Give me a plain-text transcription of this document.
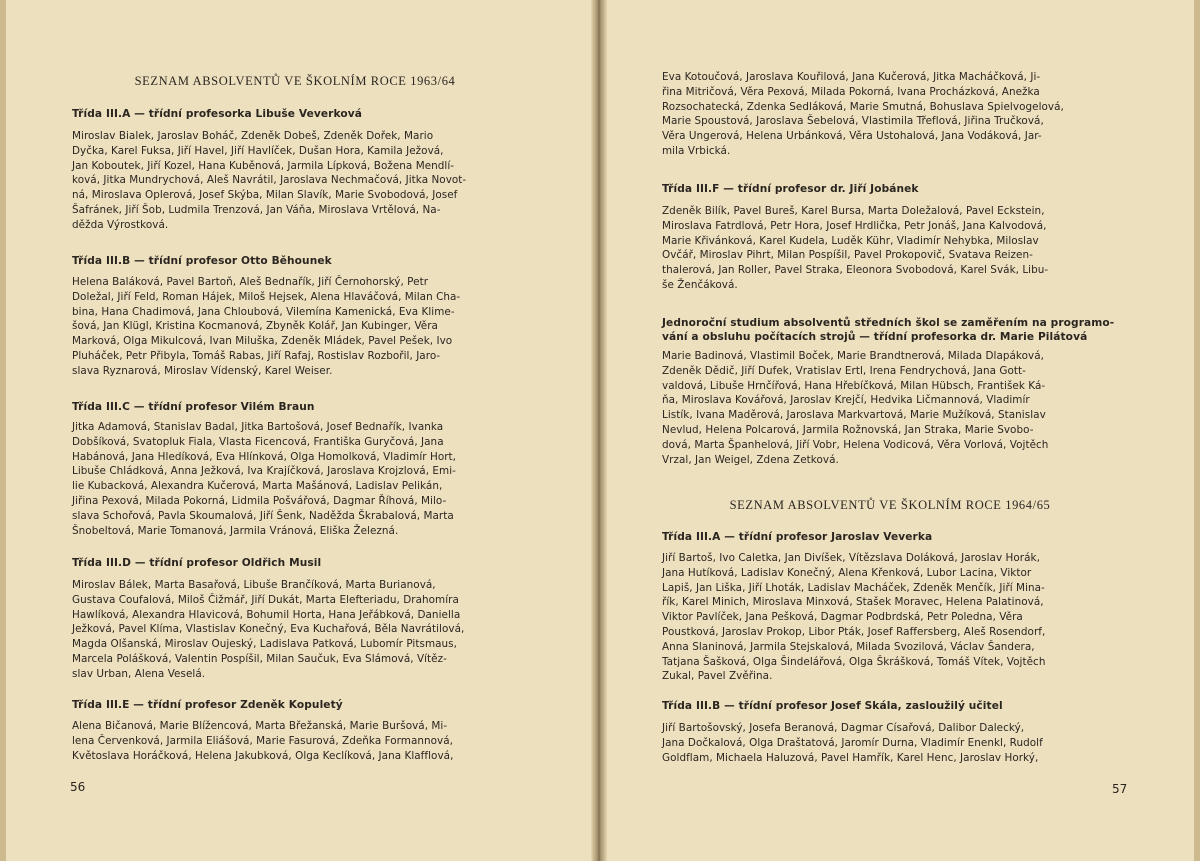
SEZNAM ABSOLVENTŮ VE ŠKOLNÍM ROCE 1963/64
Třída III.A — třídní profesorka Libuše Veverková
Miroslav Bialek, Jaroslav Boháč, Zdeněk Dobeš, Zdeněk Dořek, Mario
Dyčka, Karel Fuksa, Jiří Havel, Jiří Havlíček, Dušan Hora, Kamila Ježová,
Jan Koboutek, Jiří Kozel, Hana Kuběnová, Jarmila Lípková, Božena Mendlí-
ková, Jitka Mundrychová, Aleš Navrátil, Jaroslava Nechmačová, Jitka Novot-
ná, Miroslava Oplerová, Josef Skýba, Milan Slavík, Marie Svobodová, Josef
Šafránek, Jiří Šob, Ludmila Trenzová, Jan Váňa, Miroslava Vrtělová, Na-
děžda Výrostková.
Třída III.B — třídní profesor Otto Běhounek
Helena Baláková, Pavel Bartoň, Aleš Bednařík, Jiří Černohorský, Petr
Doležal, Jiří Feld, Roman Hájek, Miloš Hejsek, Alena Hlaváčová, Milan Cha-
bina, Hana Chadimová, Jana Chloubová, Vilemína Kamenická, Eva Klime-
šová, Jan Klügl, Kristina Kocmanová, Zbyněk Kolář, Jan Kubinger, Věra
Marková, Olga Mikulcová, Ivan Miluška, Zdeněk Mládek, Pavel Pešek, Ivo
Pluháček, Petr Přibyla, Tomáš Rabas, Jiří Rafaj, Rostislav Rozbořil, Jaro-
slava Ryznarová, Miroslav Vídenský, Karel Weiser.
Třída III.C — třídní profesor Vilém Braun
Jitka Adamová, Stanislav Badal, Jitka Bartošová, Josef Bednařík, Ivanka
Dobšíková, Svatopluk Fiala, Vlasta Ficencová, Františka Guryčová, Jana
Habánová, Jana Hledíková, Eva Hlínková, Olga Homolková, Vladimír Hort,
Libuše Chládková, Anna Ježková, Iva Krajíčková, Jaroslava Krojzlová, Emi-
lie Kubacková, Alexandra Kučerová, Marta Mašánová, Ladislav Pelikán,
Jiřina Pexová, Milada Pokorná, Lidmila Pošvářová, Dagmar Říhová, Milo-
slava Schořová, Pavla Skoumalová, Jiří Šenk, Naděžda Škrabalová, Marta
Šnobeltová, Marie Tomanová, Jarmila Vránová, Eliška Železná.
Třída III.D — třídní profesor Oldřich Musil
Miroslav Bálek, Marta Basařová, Libuše Brančíková, Marta Burianová,
Gustava Coufalová, Miloš Čižmář, Jiří Dukát, Marta Elefteriadu, Drahomíra
Hawlíková, Alexandra Hlavicová, Bohumil Horta, Hana Jeřábková, Daniella
Ježková, Pavel Klíma, Vlastislav Konečný, Eva Kuchařová, Běla Navrátilová,
Magda Olšanská, Miroslav Oujeský, Ladislava Patková, Lubomír Pitsmaus,
Marcela Polášková, Valentin Pospíšil, Milan Saučuk, Eva Slámová, Vítěz-
slav Urban, Alena Veselá.
Třída III.E — třídní profesor Zdeněk Kopuletý
Alena Bičanová, Marie Blížencová, Marta Břežanská, Marie Buršová, Mi-
lena Červenková, Jarmila Eliášová, Marie Fasurová, Zdeňka Formannová,
Květoslava Horáčková, Helena Jakubková, Olga Keclíková, Jana Klafflová,
56
Eva Kotoučová, Jaroslava Kouřilová, Jana Kučerová, Jitka Macháčková, Ji-
řina Mitričová, Věra Pexová, Milada Pokorná, Ivana Procházková, Anežka
Rozsochatecká, Zdenka Sedláková, Marie Smutná, Bohuslava Spielvogelová,
Marie Spoustová, Jaroslava Šebelová, Vlastimila Třeflová, Jiřina Tručková,
Věra Ungerová, Helena Urbánková, Věra Ustohalová, Jana Vodáková, Jar-
mila Vrbická.
Třída III.F — třídní profesor dr. Jiří Jobánek
Zdeněk Bilík, Pavel Bureš, Karel Bursa, Marta Doležalová, Pavel Eckstein,
Miroslava Fatrdlová, Petr Hora, Josef Hrdlička, Petr Jonáš, Jana Kalvodová,
Marie Křivánková, Karel Kudela, Luděk Kühr, Vladimír Nehybka, Miloslav
Ovčář, Miroslav Pihrt, Milan Pospíšil, Pavel Prokopovič, Svatava Reizen-
thalerová, Jan Roller, Pavel Straka, Eleonora Svobodová, Karel Svák, Libu-
še Ženčáková.
Jednoroční studium absolventů středních škol se zaměřením na programo-
vání a obsluhu počítacích strojů — třídní profesorka dr. Marie Pilátová
Marie Badinová, Vlastimil Boček, Marie Brandtnerová, Milada Dlapáková,
Zdeněk Dědič, Jiří Dufek, Vratislav Ertl, Irena Fendrychová, Jana Gott-
valdová, Libuše Hrnčířová, Hana Hřebíčková, Milan Hübsch, František Ká-
ňa, Miroslava Kovářová, Jaroslav Krejčí, Hedvika Ličmannová, Vladimír
Listík, Ivana Maděrová, Jaroslava Markvartová, Marie Mužíková, Stanislav
Nevlud, Helena Polcarová, Jarmila Rožnovská, Jan Straka, Marie Svobo-
dová, Marta Španhelová, Jiří Vobr, Helena Vodicová, Věra Vorlová, Vojtěch
Vrzal, Jan Weigel, Zdena Zetková.
SEZNAM ABSOLVENTŮ VE ŠKOLNÍM ROCE 1964/65
Třída III.A — třídní profesor Jaroslav Veverka
Jiří Bartoš, Ivo Caletka, Jan Divíšek, Vítězslava Doláková, Jaroslav Horák,
Jana Hutíková, Ladislav Konečný, Alena Křenková, Lubor Lacina, Viktor
Lapiš, Jan Liška, Jiří Lhoták, Ladislav Macháček, Zdeněk Menčík, Jiří Mina-
řík, Karel Minich, Miroslava Minxová, Stašek Moravec, Helena Palatinová,
Viktor Pavlíček, Jana Pešková, Dagmar Podbrdská, Petr Poledna, Věra
Poustková, Jaroslav Prokop, Libor Pták, Josef Raffersberg, Aleš Rosendorf,
Anna Slaninová, Jarmila Stejskalová, Milada Svozilová, Václav Šandera,
Tatjana Šašková, Olga Šindelářová, Olga Škrášková, Tomáš Vítek, Vojtěch
Zukal, Pavel Zvěřina.
Třída III.B — třídní profesor Josef Skála, zasloužilý učitel
Jiří Bartošovský, Josefa Beranová, Dagmar Císařová, Dalibor Dalecký,
Jana Dočkalová, Olga Draštatová, Jaromír Durna, Vladimír Enenkl, Rudolf
Goldflam, Michaela Haluzová, Pavel Hamřík, Karel Henc, Jaroslav Horký,
57
